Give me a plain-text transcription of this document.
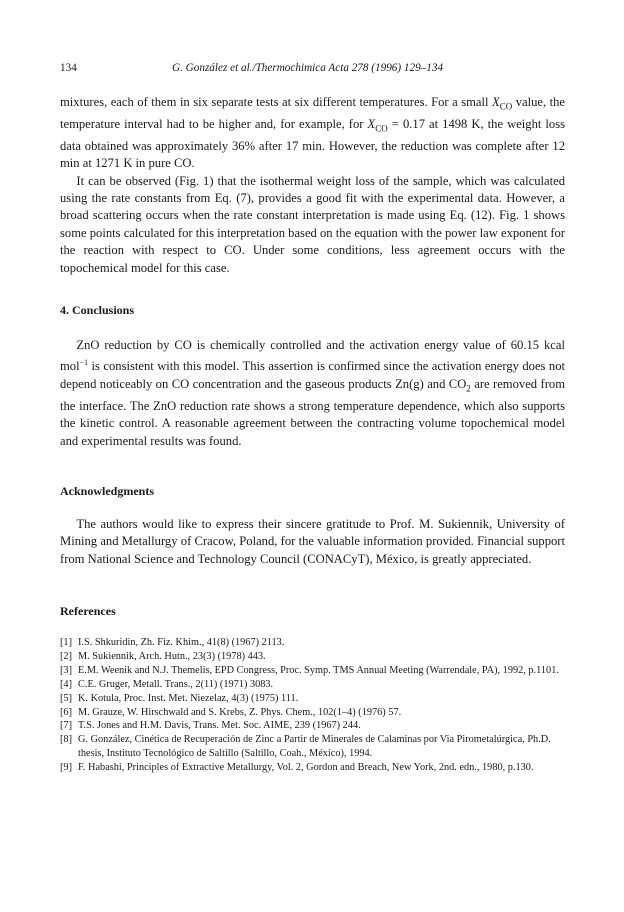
134	G. González et al./Thermochimica Acta 278 (1996) 129–134

mixtures, each of them in six separate tests at six different temperatures. For a small $X_{CO}$ value, the temperature interval had to be higher and, for example, for $X_{CO} = 0.17$ at 1498 K, the weight loss data obtained was approximately 36% after 17 min. However, the reduction was complete after 12 min at 1271 K in pure CO.

It can be observed (Fig. 1) that the isothermal weight loss of the sample, which was calculated using the rate constants from Eq. (7), provides a good fit with the experimental data. However, a broad scattering occurs when the rate constant interpretation is made using Eq. (12). Fig. 1 shows some points calculated for this interpretation based on the equation with the power law exponent for the reaction with respect to CO. Under some conditions, less agreement occurs with the topochemical model for this case.

4. Conclusions

ZnO reduction by CO is chemically controlled and the activation energy value of 60.15 kcal mol$^{-1}$ is consistent with this model. This assertion is confirmed since the activation energy does not depend noticeably on CO concentration and the gaseous products Zn(g) and $CO_2$ are removed from the interface. The ZnO reduction rate shows a strong temperature dependence, which also supports the kinetic control. A reasonable agreement between the contracting volume topochemical model and experimental results was found.

Acknowledgments

The authors would like to express their sincere gratitude to Prof. M. Sukiennik, University of Mining and Metallurgy of Cracow, Poland, for the valuable information provided. Financial support from National Science and Technology Council (CONACyT), México, is greatly appreciated.

References
[1] I.S. Shkuridin, Zh. Fiz. Khim., 41(8) (1967) 2113.
[2] M. Sukiennik, Arch. Hutn., 23(3) (1978) 443.
[3] E.M. Weenik and N.J. Themelis, EPD Congress, Proc. Symp. TMS Annual Meeting (Warrendale, PA), 1992, p.1101.
[4] C.E. Gruger, Metall. Trans., 2(11) (1971) 3083.
[5] K. Kotula, Proc. Inst. Met. Niezelaz, 4(3) (1975) 111.
[6] M. Grauze, W. Hirschwald and S. Krebs, Z. Phys. Chem., 102(1–4) (1976) 57.
[7] T.S. Jones and H.M. Davis, Trans. Met. Soc. AIME, 239 (1967) 244.
[8] G. González, Cinética de Recuperación de Zinc a Partir de Minerales de Calaminas por Via Pirometalúrgica, Ph.D. thesis, Instituto Tecnológico de Saltillo (Saltillo, Coah., México), 1994.
[9] F. Habashi, Principles of Extractive Metallurgy, Vol. 2, Gordon and Breach, New York, 2nd. edn., 1980, p.130.
